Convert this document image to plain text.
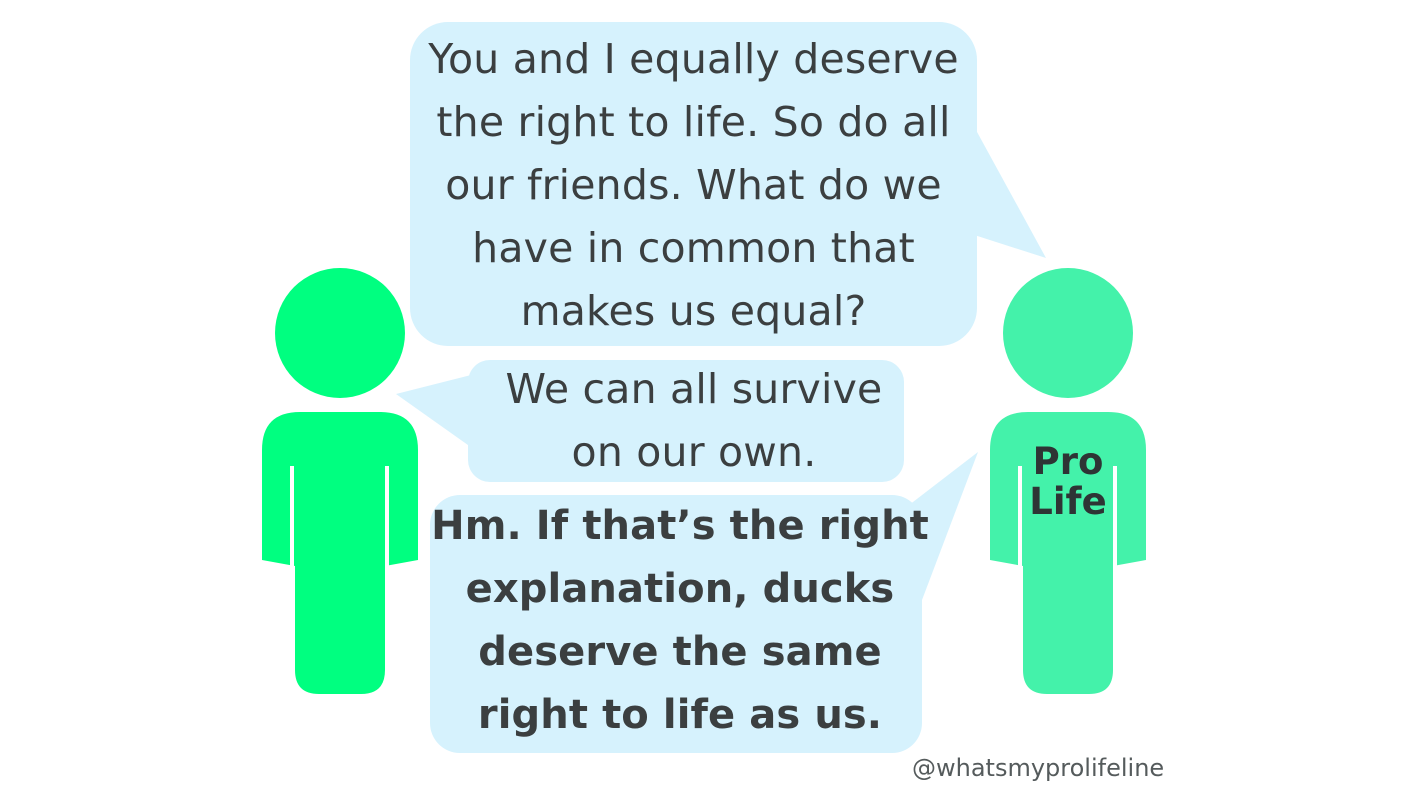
You and I equally deserve
the right to life. So do all
our friends. What do we
have in common that
makes us equal?
We can all survive
on our own.
Hm. If that’s the right
explanation, ducks
deserve the same
right to life as us.
Pro
Life
@whatsmyprolifeline
